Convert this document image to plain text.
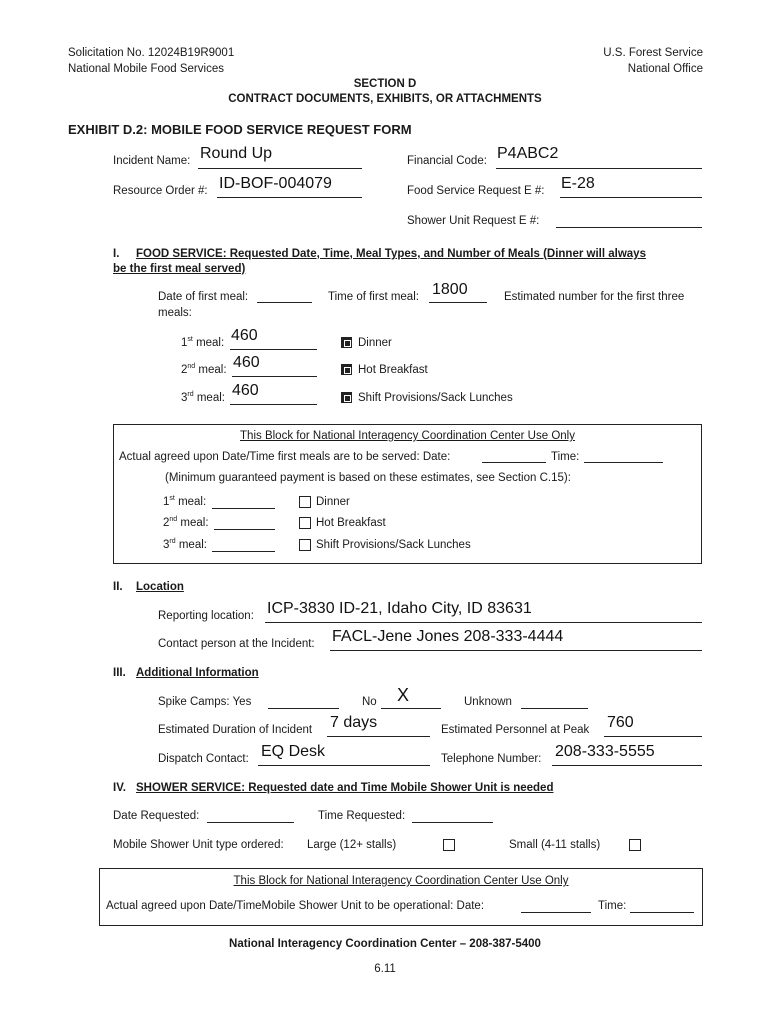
Solicitation No. 12024B19R9001
National Mobile Food Services
U.S. Forest Service
National Office
SECTION D
CONTRACT DOCUMENTS, EXHIBITS, OR ATTACHMENTS
EXHIBIT D.2: MOBILE FOOD SERVICE REQUEST FORM
Incident Name: Round Up	Financial Code: P4ABC2
Resource Order #: ID-BOF-004079	Food Service Request E #: E-28
Shower Unit Request E #:
I. FOOD SERVICE: Requested Date, Time, Meal Types, and Number of Meals (Dinner will always
be the first meal served)
Date of first meal:	Time of first meal: 1800	Estimated number for the first three
meals:
1st meal: 460	Dinner
2nd meal: 460	Hot Breakfast
3rd meal: 460	Shift Provisions/Sack Lunches
This Block for National Interagency Coordination Center Use Only
Actual agreed upon Date/Time first meals are to be served: Date:	Time:
(Minimum guaranteed payment is based on these estimates, see Section C.15):
1st meal:	Dinner
2nd meal:	Hot Breakfast
3rd meal:	Shift Provisions/Sack Lunches
II. Location
Reporting location: ICP-3830 ID-21, Idaho City, ID 83631
Contact person at the Incident: FACL-Jene Jones 208-333-4444
III. Additional Information
Spike Camps: Yes	No X	Unknown
Estimated Duration of Incident 7 days	Estimated Personnel at Peak 760
Dispatch Contact: EQ Desk	Telephone Number: 208-333-5555
IV. SHOWER SERVICE: Requested date and Time Mobile Shower Unit is needed
Date Requested:	Time Requested:
Mobile Shower Unit type ordered: Large (12+ stalls)	Small (4-11 stalls)
This Block for National Interagency Coordination Center Use Only
Actual agreed upon Date/TimeMobile Shower Unit to be operational: Date:	Time:
National Interagency Coordination Center – 208-387-5400
6.11
